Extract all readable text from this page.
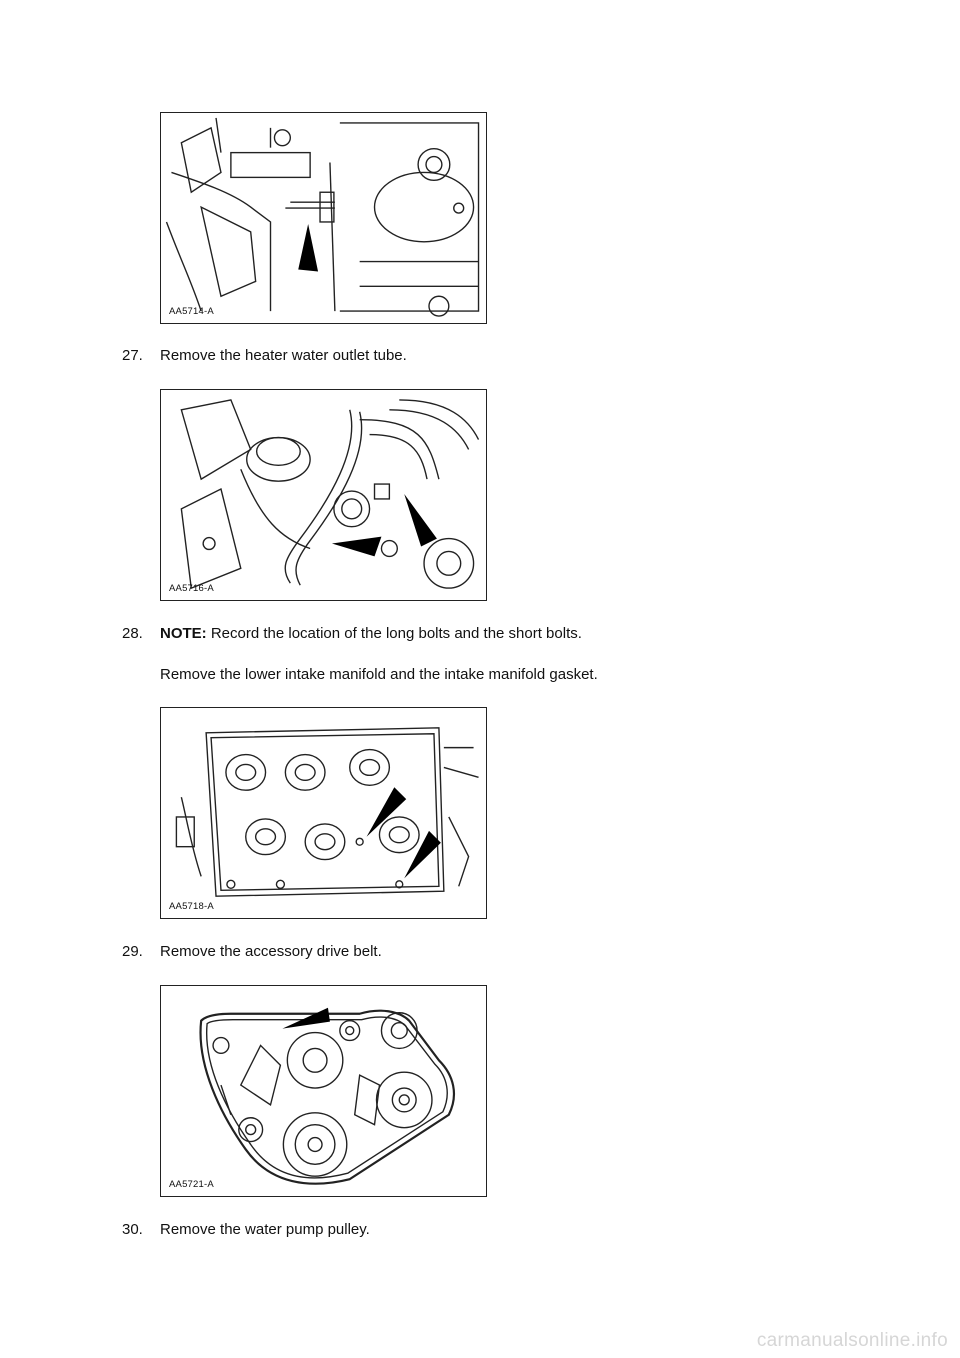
AA5714-A
27.	Remove the heater water outlet tube.
AA5716-A
28.	NOTE: Record the location of the long bolts and the short bolts.
Remove the lower intake manifold and the intake manifold gasket.
AA5718-A
29.	Remove the accessory drive belt.
AA5721-A
30.	Remove the water pump pulley.
carmanualsonline.info
